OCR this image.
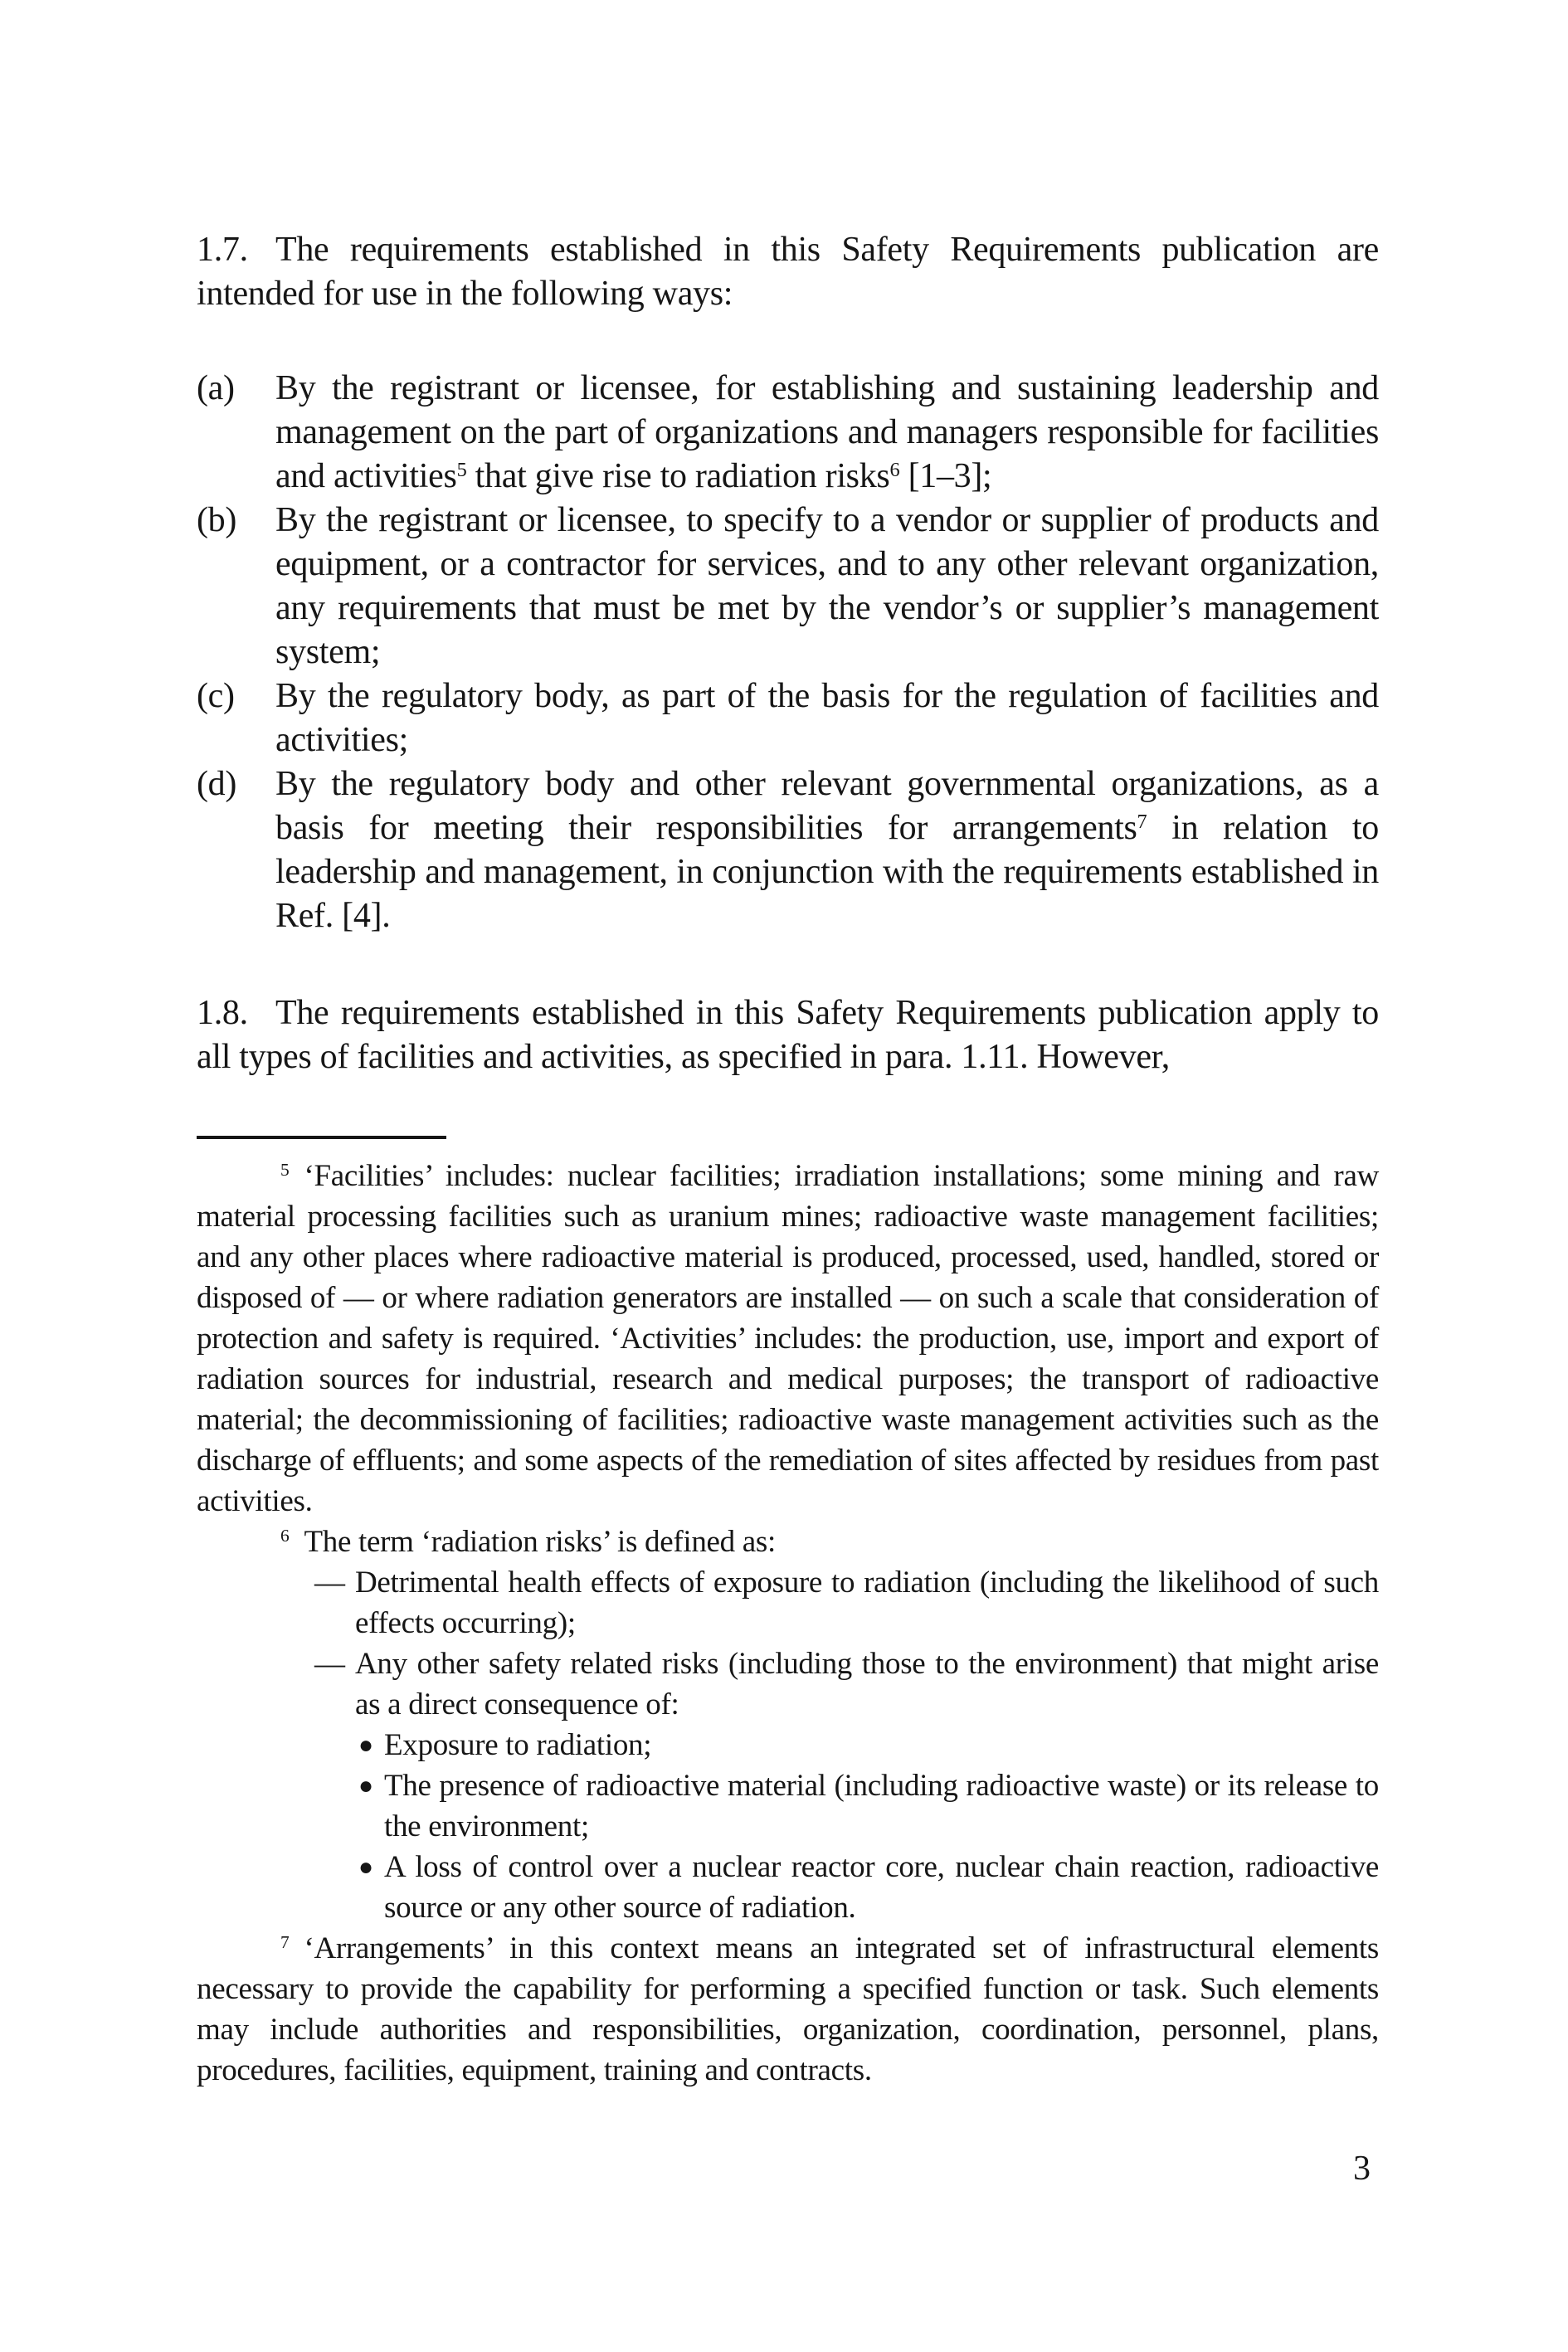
1.7. The requirements established in this Safety Requirements publication are intended for use in the following ways:
(a) By the registrant or licensee, for establishing and sustaining leadership and management on the part of organizations and managers responsible for facilities and activities$^5$ that give rise to radiation risks$^6$ [1–3];
(b) By the registrant or licensee, to specify to a vendor or supplier of products and equipment, or a contractor for services, and to any other relevant organization, any requirements that must be met by the vendor’s or supplier’s management system;
(c) By the regulatory body, as part of the basis for the regulation of facilities and activities;
(d) By the regulatory body and other relevant governmental organizations, as a basis for meeting their responsibilities for arrangements$^7$ in relation to leadership and management, in conjunction with the requirements established in Ref. [4].
1.8. The requirements established in this Safety Requirements publication apply to all types of facilities and activities, as specified in para. 1.11. However,
$^5$ ‘Facilities’ includes: nuclear facilities; irradiation installations; some mining and raw material processing facilities such as uranium mines; radioactive waste management facilities; and any other places where radioactive material is produced, processed, used, handled, stored or disposed of — or where radiation generators are installed — on such a scale that consideration of protection and safety is required. ‘Activities’ includes: the production, use, import and export of radiation sources for industrial, research and medical purposes; the transport of radioactive material; the decommissioning of facilities; radioactive waste management activities such as the discharge of effluents; and some aspects of the remediation of sites affected by residues from past activities.
$^6$ The term ‘radiation risks’ is defined as:
— Detrimental health effects of exposure to radiation (including the likelihood of such effects occurring);
— Any other safety related risks (including those to the environment) that might arise as a direct consequence of:
● Exposure to radiation;
● The presence of radioactive material (including radioactive waste) or its release to the environment;
● A loss of control over a nuclear reactor core, nuclear chain reaction, radioactive source or any other source of radiation.
$^7$ ‘Arrangements’ in this context means an integrated set of infrastructural elements necessary to provide the capability for performing a specified function or task. Such elements may include authorities and responsibilities, organization, coordination, personnel, plans, procedures, facilities, equipment, training and contracts.
3
